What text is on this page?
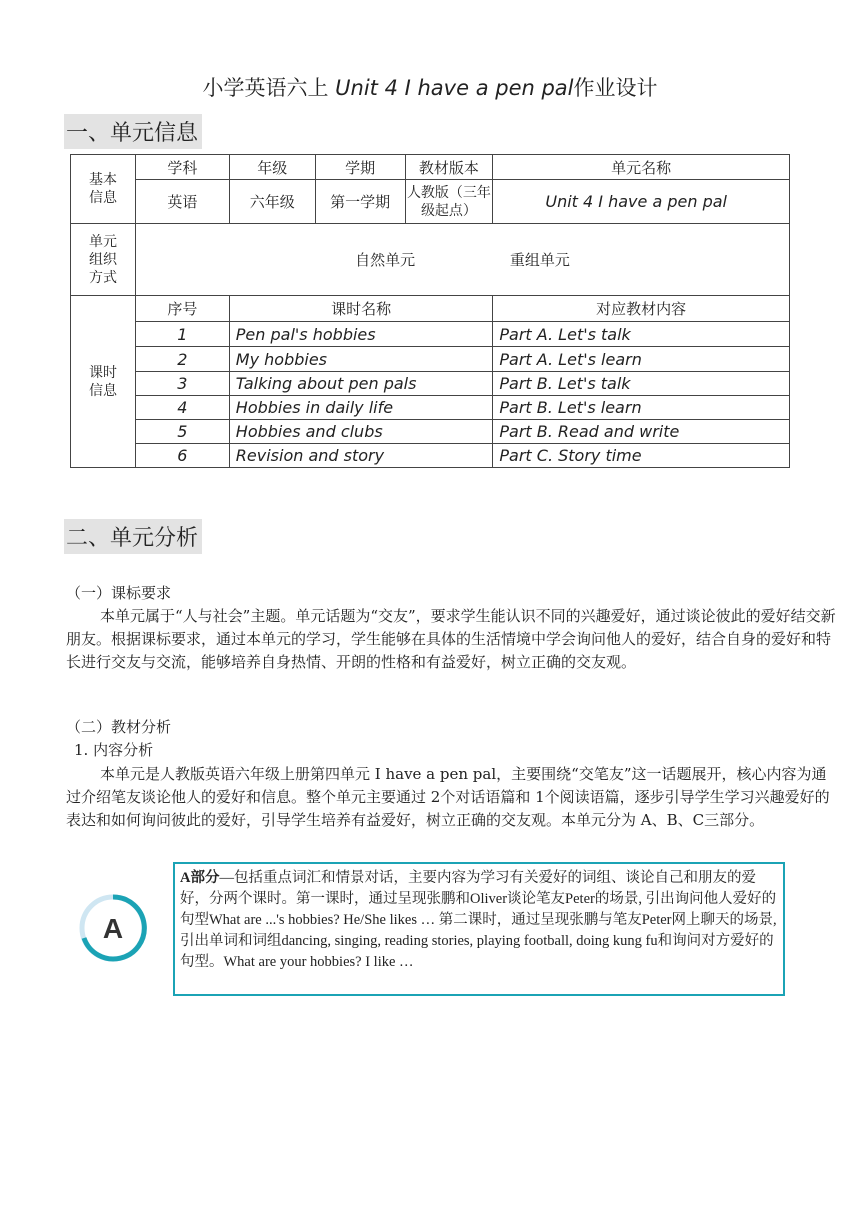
小学英语六上 Unit 4 I have a pen pal作业设计
一、单元信息
基本信息	学科	年级	学期	教材版本	单元名称
	英语	六年级	第一学期	人教版（三年级起点）	Unit 4 I have a pen pal
单元组织方式	自然单元 重组单元				
课时信息	序号	课时名称			对应教材内容
	1	Pen pal's hobbies			Part A. Let's talk
	2	My hobbies			Part A. Let's learn
	3	Talking about pen pals			Part B. Let's talk
	4	Hobbies in daily life			Part B. Let's learn
	5	Hobbies and clubs			Part B. Read and write
	6	Revision and story			Part C. Story time
二、单元分析
（一）课标要求
本单元属于“人与社会”主题。单元话题为“交友”，要求学生能认识不同的兴趣爱好，通过谈论彼此的爱好结交新朋友。根据课标要求，通过本单元的学习，学生能够在具体的生活情境中学会询问他人的爱好，结合自身的爱好和特长进行交友与交流，能够培养自身热情、开朗的性格和有益爱好，树立正确的交友观。
（二）教材分析
1. 内容分析
本单元是人教版英语六年级上册第四单元 I have a pen pal，主要围绕“交笔友”这一话题展开，核心内容为通过介绍笔友谈论他人的爱好和信息。整个单元主要通过 2个对话语篇和 1个阅读语篇，逐步引导学生学习兴趣爱好的表达和如何询问彼此的爱好，引导学生培养有益爱好，树立正确的交友观。本单元分为 A、B、C三部分。
A
A部分—包括重点词汇和情景对话，主要内容为学习有关爱好的词组、谈论自己和朋友的爱好，分两个课时。第一课时，通过呈现张鹏和Oliver谈论笔友Peter的场景, 引出询问他人爱好的句型What are ...'s hobbies? He/She likes … 第二课时，通过呈现张鹏与笔友Peter网上聊天的场景, 引出单词和词组dancing, singing, reading stories, playing football, doing kung fu和询问对方爱好的句型。What are your hobbies? I like …
